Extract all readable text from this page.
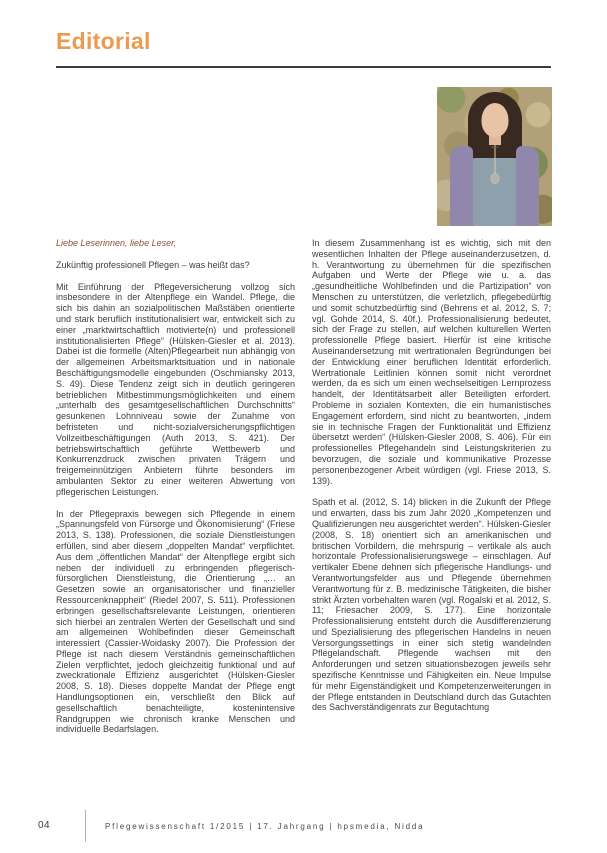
Editorial

Liebe Leserinnen, liebe Leser,

Zukünftig professionell Pflegen – was heißt das?

Mit Einführung der Pflegeversicherung vollzog sich insbesondere in der Altenpflege ein Wandel. Pflege, die sich bis dahin an sozialpolitischen Maßstäben orientierte und stark beruflich institutionalisiert war, entwickelt sich zu einer „marktwirtschaftlich motivierte(n) und professionell institutionalisierten Pflege“ (Hülsken-Giesler et al. 2013). Dabei ist die formelle (Alten)Pflegearbeit nun abhängig von der allgemeinen Arbeitsmarktsituation und in nationale Beschäftigungsmodelle eingebunden (Oschmiansky 2013, S. 49). Diese Tendenz zeigt sich in deutlich geringeren betrieblichen Mitbestimmungsmöglichkeiten und einem „unterhalb des gesamtgesellschaftlichen Durchschnitts“ gesunkenen Lohnniveau sowie der Zunahme von befristeten und nicht-sozialversicherungspflichtigen Vollzeitbeschäftigungen (Auth 2013, S. 421). Der betriebswirtschaftlich geführte Wettbewerb und Konkurrenzdruck zwischen privaten Trägern und freigemeinnützigen Anbietern führte besonders im ambulanten Sektor zu einer weiteren Abwertung von pflegerischen Leistungen.

In der Pflegepraxis bewegen sich Pflegende in einem „Spannungsfeld von Fürsorge und Ökonomisierung“ (Friese 2013, S. 138). Professionen, die soziale Dienstleistungen erfüllen, sind aber diesem „doppelten Mandat“ verpflichtet. Aus dem „öffentlichen Mandat“ der Altenpflege ergibt sich neben der individuell zu erbringenden pflegerisch-fürsorglichen Dienstleistung, die Orientierung „… an Gesetzen sowie an organisatorischer und finanzieller Ressourcenknappheit“ (Riedel 2007, S. 511). Professionen erbringen gesellschaftsrelevante Leistungen, orientieren sich hierbei an zentralen Werten der Gesellschaft und sind am allgemeinen Wohlbefinden dieser Gemeinschaft interessiert (Cassier-Woidasky 2007). Die Profession der Pflege ist nach diesem Verständnis gemeinschaftlichen Zielen verpflichtet, jedoch gleichzeitig funktional und auf zweckrationale Effizienz ausgerichtet (Hülsken-Giesler 2008, S. 18). Dieses doppelte Mandat der Pflege engt Handlungsoptionen ein, verschließt den Blick auf gesellschaftlich benachteiligte, kostenintensive Randgruppen wie chronisch kranke Menschen und individuelle Bedarfslagen.

In diesem Zusammenhang ist es wichtig, sich mit den wesentlichen Inhalten der Pflege auseinanderzusetzen, d. h. Verantwortung zu übernehmen für die spezifischen Aufgaben und Werte der Pflege wie u. a. das „gesundheitliche Wohlbefinden und die Partizipation“ von Menschen zu unterstützen, die verletzlich, pflegebedürftig und somit schutzbedürftig sind (Behrens et al. 2012, S. 7; vgl. Gohde 2014, S. 40f.). Professionalisierung bedeutet, sich der Frage zu stellen, auf welchen kulturellen Werten professionelle Pflege basiert. Hierfür ist eine kritische Auseinandersetzung mit wertrationalen Begründungen bei der Entwicklung einer beruflichen Identität erforderlich. Wertrationale Leitlinien können somit nicht verordnet werden, da es sich um einen wechselseitigen Lernprozess handelt, der Identitätsarbeit aller Beteiligten erfordert. Probleme in sozialen Kontexten, die ein humanistisches Engagement erfordern, sind nicht zu beantworten, „indem sie in technische Fragen der Funktionalität und Effizienz übersetzt werden“ (Hülsken-Giesler 2008, S. 406). Für ein professionelles Pflegehandeln sind Leistungskriterien zu bevorzugen, die soziale und kommunikative Prozesse personenbezogener Arbeit würdigen (vgl. Friese 2013, S. 139).

Spath et al. (2012, S. 14) blicken in die Zukunft der Pflege und erwarten, dass bis zum Jahr 2020 „Kompetenzen und Qualifizierungen neu ausgerichtet werden“. Hülsken-Giesler (2008, S. 18) orientiert sich an amerikanischen und britischen Vorbildern, die mehrspurig – vertikale als auch horizontale Professionalisierungswege – einschlagen. Auf vertikaler Ebene dehnen sich pflegerische Handlungs- und Verantwortungsfelder aus und Pflegende übernehmen Verantwortung für z. B. medizinische Tätigkeiten, die bisher strikt Ärzten vorbehalten waren (vgl. Rogalski et al. 2012, S. 11; Friesacher 2009, S. 177). Eine horizontale Professionalisierung entsteht durch die Ausdifferenzierung und Spezialisierung des pflegerischen Handelns in neuen Versorgungssettings in einer sich stetig wandelnden Pflegelandschaft. Pflegende wachsen mit den Anforderungen und setzen situationsbezogen jeweils sehr spezifische Kenntnisse und Fähigkeiten ein. Neue Impulse für mehr Eigenständigkeit und Kompetenzerweiterungen in der Pflege entstanden in Deutschland durch das Gutachten des Sachverständigenrats zur Begutachtung

04	Pflegewissenschaft 1/2015 | 17. Jahrgang | hpsmedia, Nidda
